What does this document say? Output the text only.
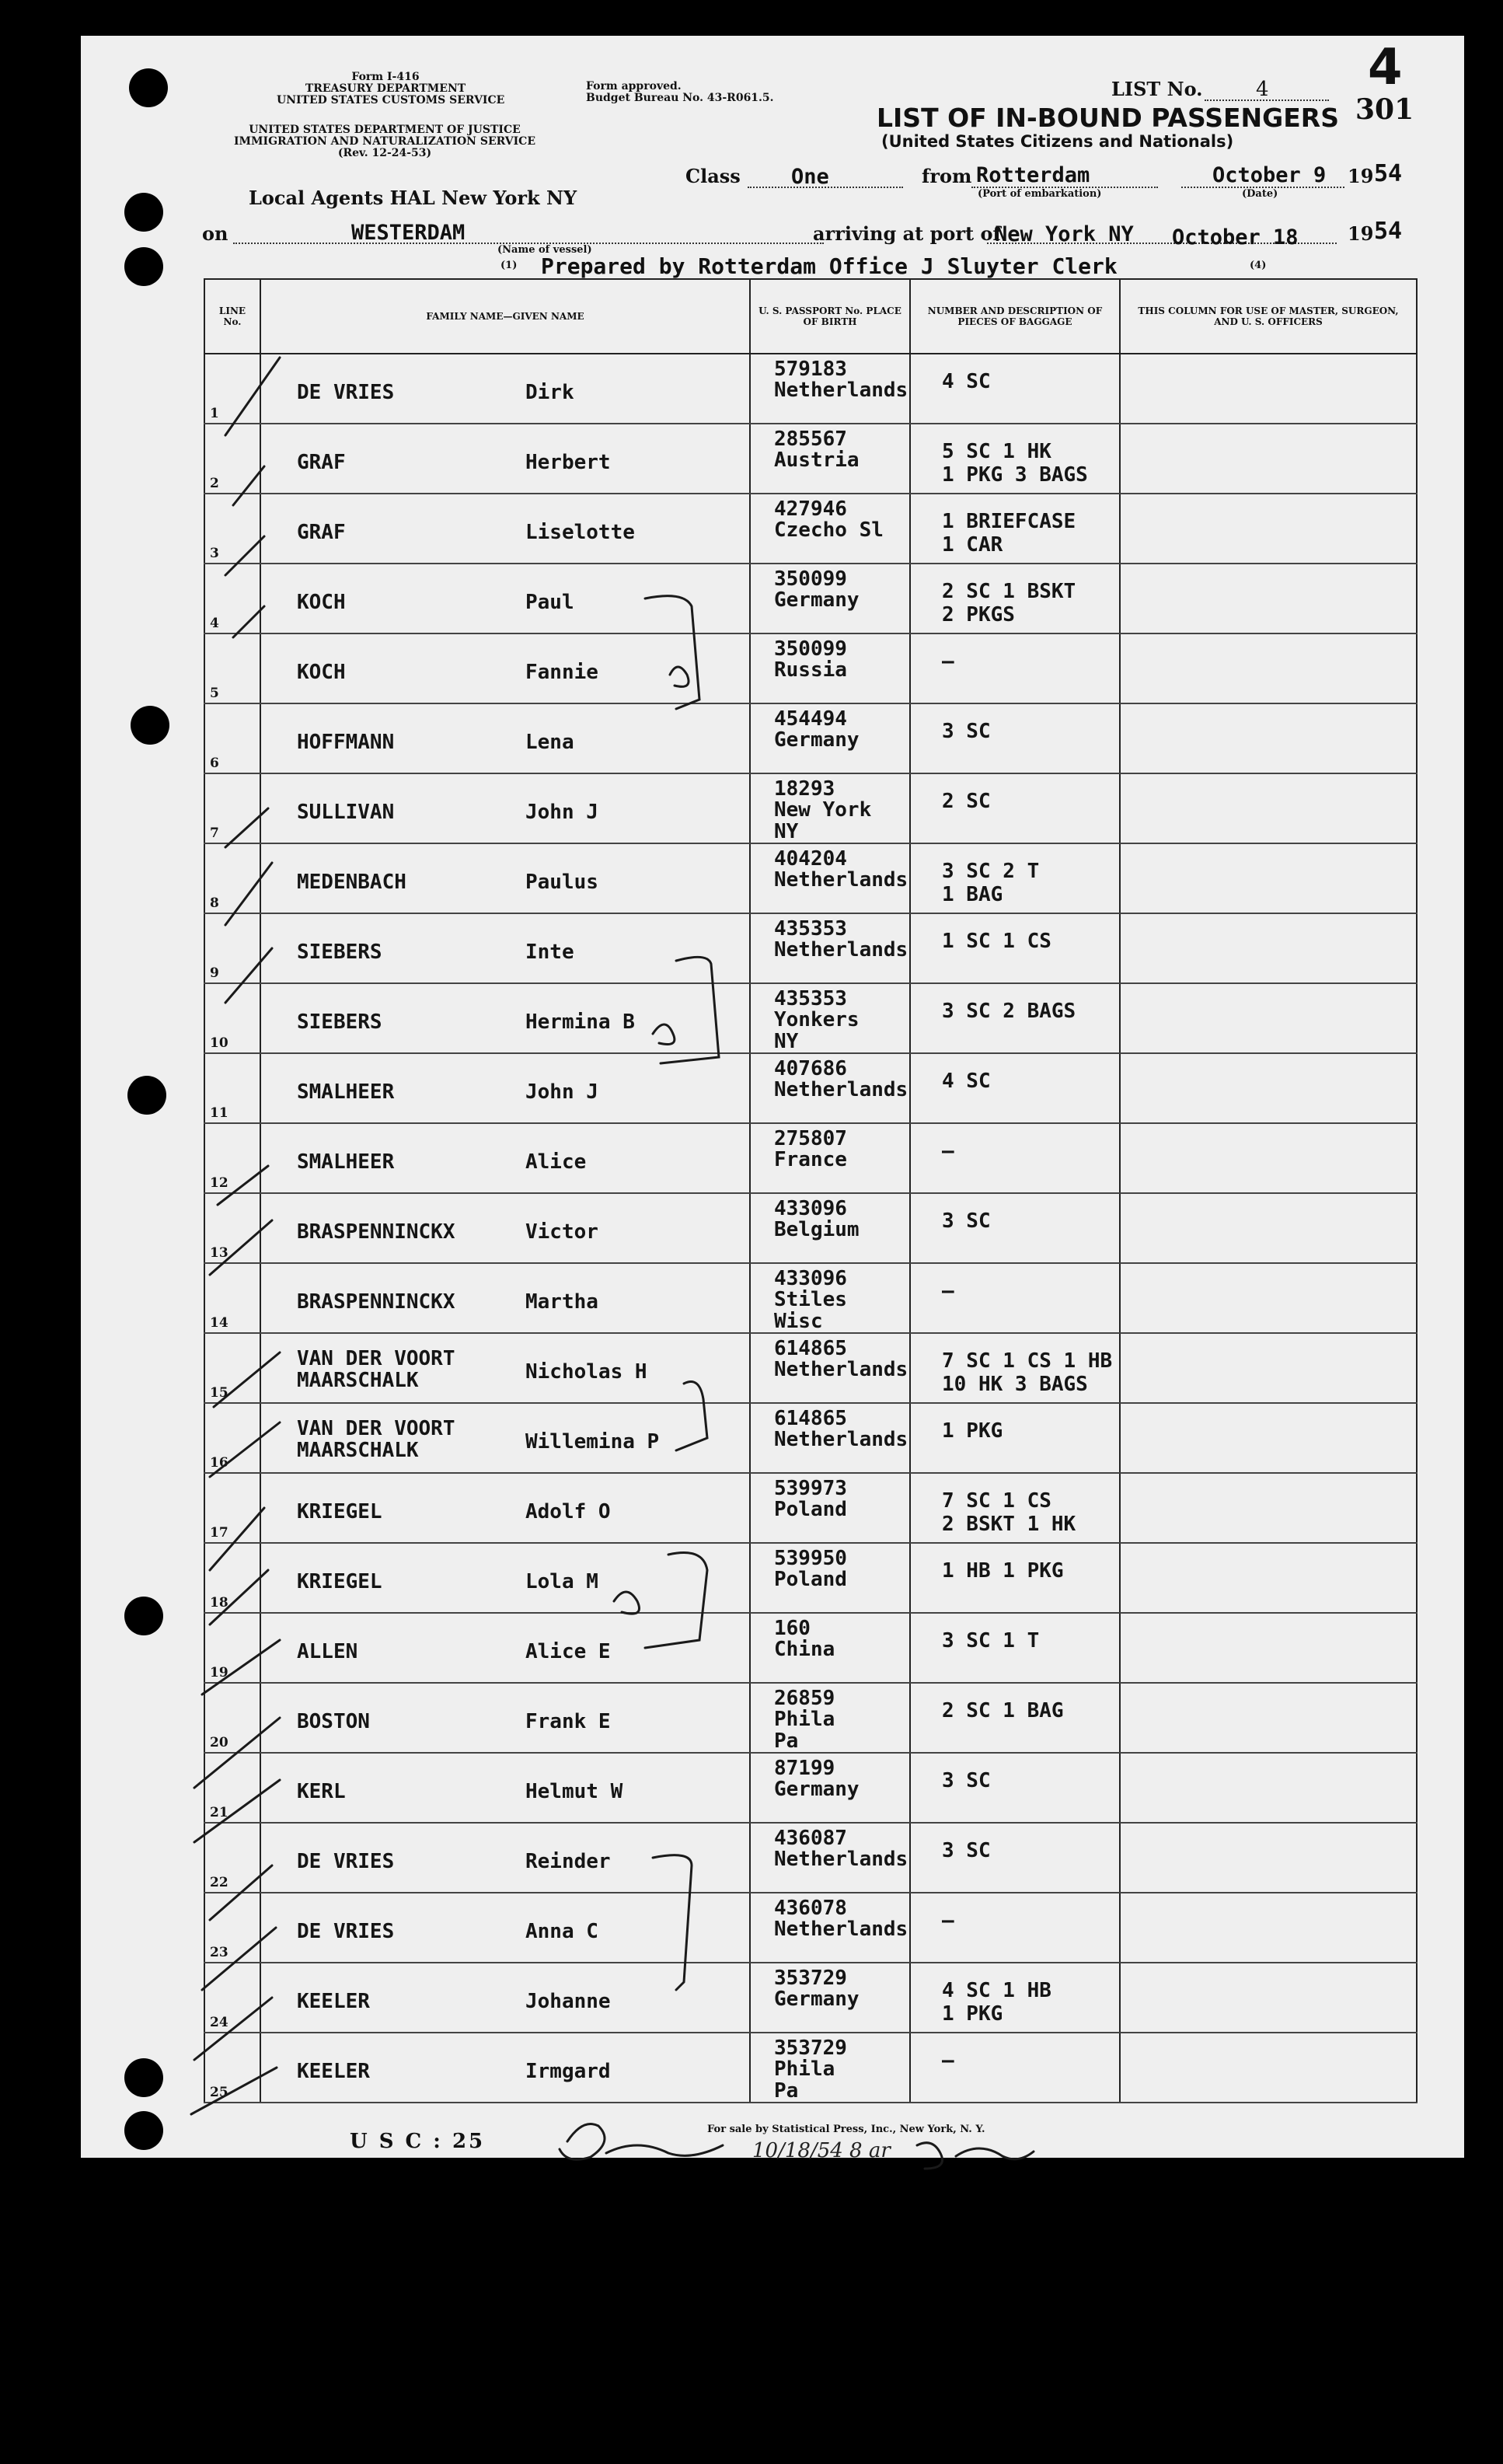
4
301
Form I-416
TREASURY DEPARTMENT
UNITED STATES CUSTOMS SERVICE
UNITED STATES DEPARTMENT OF JUSTICE
IMMIGRATION AND NATURALIZATION SERVICE
(Rev. 12-24-53)
Form approved.
Budget Bureau No. 43-R061.5.	LIST No.	4
LIST OF IN-BOUND PASSENGERS
(United States Citizens and Nationals)
Local Agents HAL New York NY
Class One	from Rotterdam
(Port of embarkation)
October 9
(Date)
19 54
on	WESTERDAM
(Name of vessel)
(1)
arriving at port of
New York NY October 18
(4)
19 54
Prepared by Rotterdam Office J Sluyter Clerk
LINE No.	FAMILY NAME—GIVEN NAME	U. S. PASSPORT No. PLACE OF BIRTH	NUMBER AND DESCRIPTION OF PIECES OF BAGGAGE	THIS COLUMN FOR USE OF MASTER, SURGEON, AND U. S. OFFICERS

1	DE VRIES Dirk	579183
Netherlands	4 SC	

2	GRAF Herbert	285567
Austria	5 SC 1 HK
1 PKG 3 BAGS	

3	GRAF Liselotte	427946
Czecho Sl	1 BRIEFCASE
1 CAR	

4	KOCH Paul	350099
Germany	2 SC 1 BSKT
2 PKGS	

5	KOCH Fannie	350099
Russia	—	

6	HOFFMANN Lena	454494
Germany	3 SC	

7	SULLIVAN John J	18293
New York
NY	2 SC	

8	MEDENBACH Paulus	404204
Netherlands	3 SC 2 T
1 BAG	

9	SIEBERS Inte	435353
Netherlands	1 SC 1 CS	

10	SIEBERS Hermina B	435353
Yonkers
NY	3 SC 2 BAGS	

11	SMALHEER John J	407686
Netherlands	4 SC	

12	SMALHEER Alice	275807
France	—	

13	BRASPENNINCKX Victor	433096
Belgium	3 SC	

14	BRASPENNINCKX Martha	433096
Stiles
Wisc	—	

15	VAN DER VOORT
MAARSCHALK Nicholas H	614865
Netherlands	7 SC 1 CS 1 HB
10 HK 3 BAGS	

16	VAN DER VOORT
MAARSCHALK Willemina P	614865
Netherlands	1 PKG	

17	KRIEGEL Adolf O	539973
Poland	7 SC 1 CS
2 BSKT 1 HK	

18	KRIEGEL Lola M	539950
Poland	1 HB 1 PKG	

19	ALLEN Alice E	160
China	3 SC 1 T	

20	BOSTON Frank E	26859
Phila
Pa	2 SC 1 BAG	

21	KERL Helmut W	87199
Germany	3 SC	

22	DE VRIES Reinder	436087
Netherlands	3 SC	

23	DE VRIES Anna C	436078
Netherlands	—	

24	KEELER Johanne	353729
Germany	4 SC 1 HB
1 PKG	

25	KEELER Irmgard	353729
Phila
Pa	—	

U S C : 25
For sale by Statistical Press, Inc., New York, N. Y.
10/18/54 8 ar
